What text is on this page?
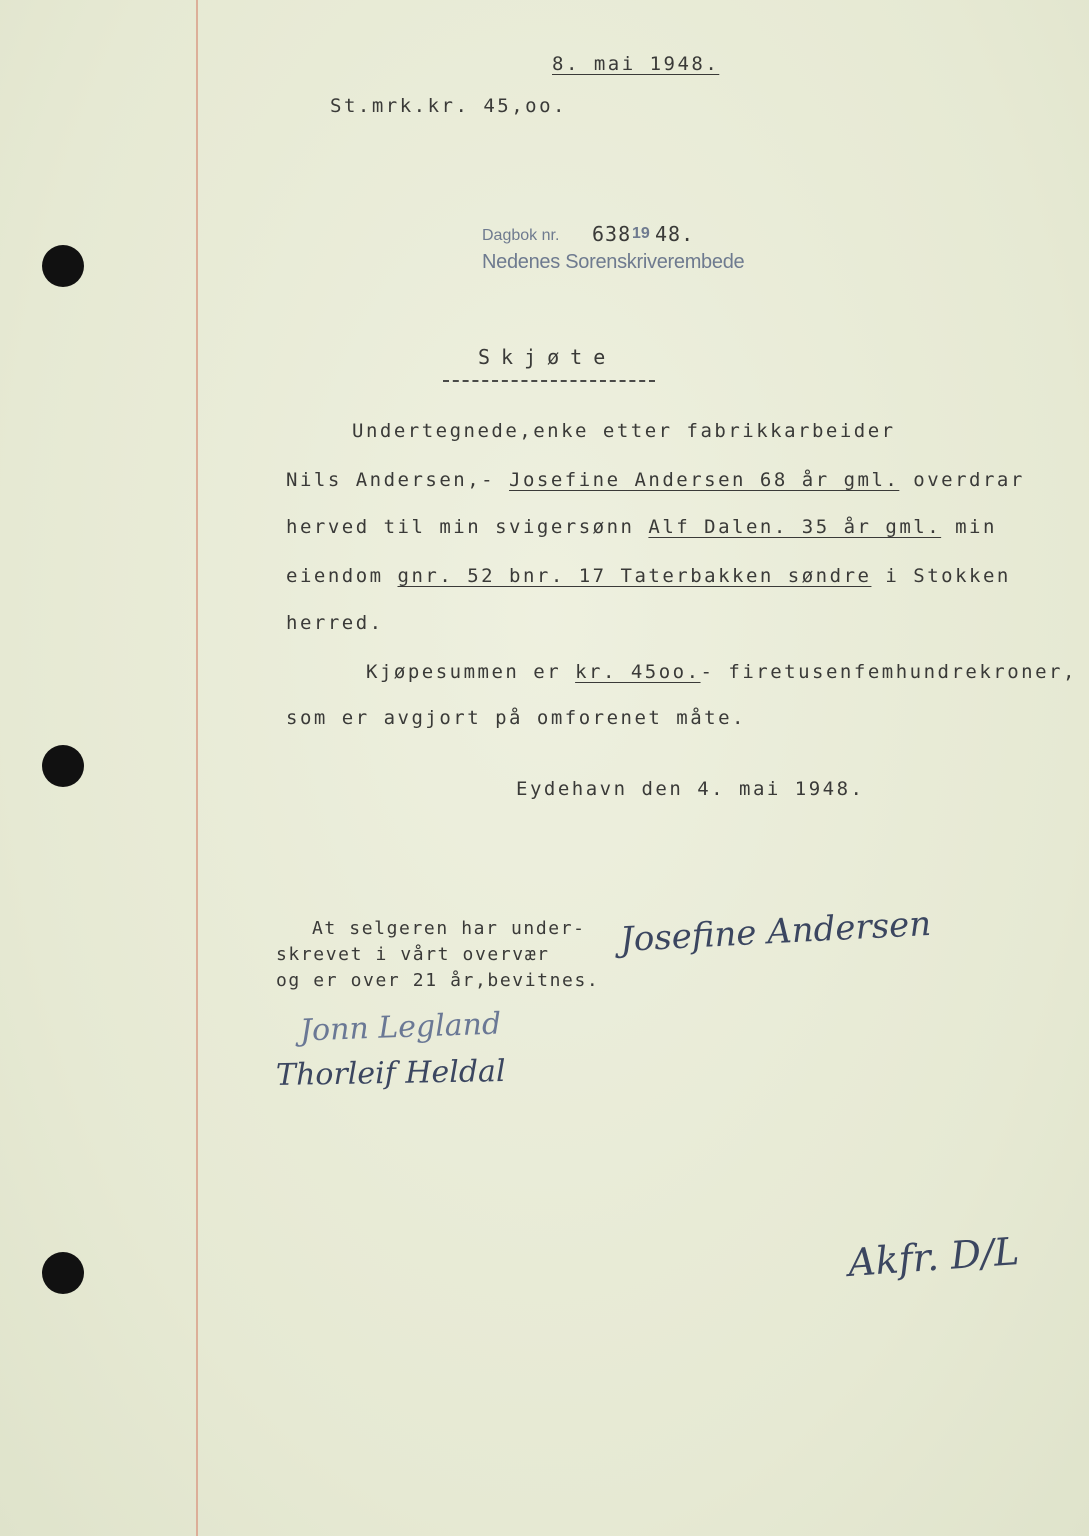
8. mai 1948.
St.mrk.kr. 45,oo.
Dagbok nr. 638 19 48.
Nedenes Sorenskriverembede
Skjøte
Undertegnede,enke etter fabrikkarbeider
Nils Andersen,- Josefine Andersen 68 år gml. overdrar
herved til min svigersønn Alf Dalen. 35 år gml. min
eiendom gnr. 52 bnr. 17 Taterbakken søndre i Stokken
herred.
Kjøpesummen er kr. 45oo.- firetusenfemhundrekroner,
som er avgjort på omforenet måte.
Eydehavn den 4. mai 1948.
At selgeren har under-
skrevet i vårt overvær
og er over 21 år,bevitnes.
Josefine Andersen
Jonn Legland
Thorleif Heldal
Akfr. D/L
